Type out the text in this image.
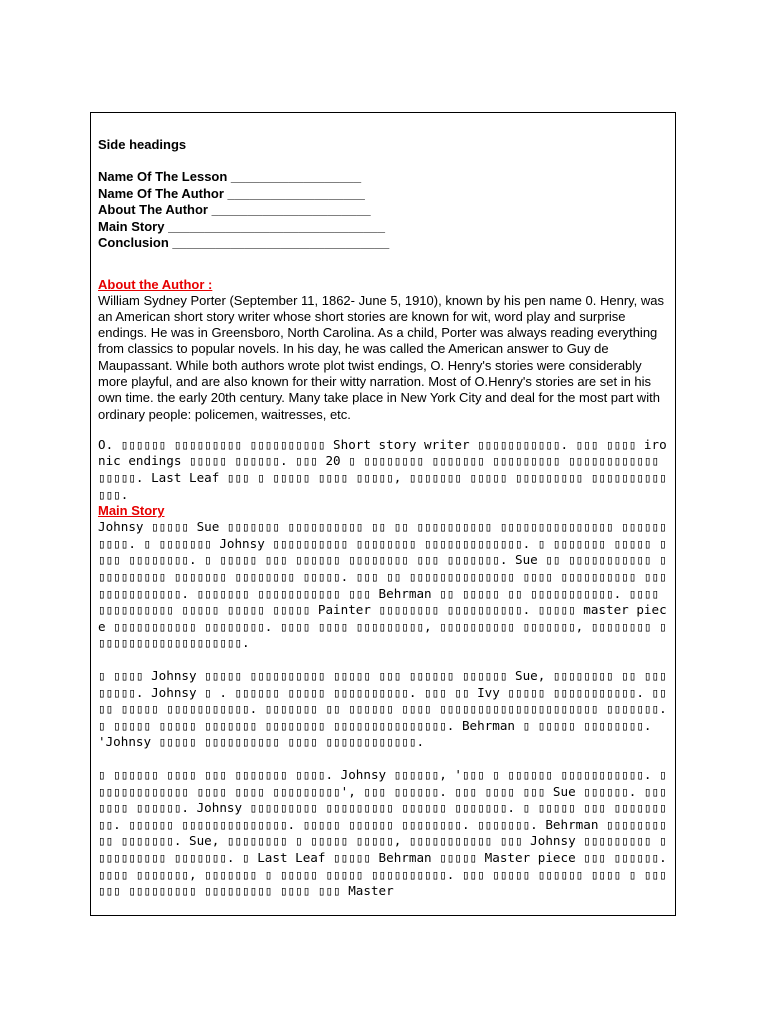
Side headings
Name Of The Lesson __________________
Name Of The Author ___________________
About The Author ______________________
Main Story ______________________________
Conclusion ______________________________
About the Author :

William Sydney Porter (September 11, 1862- June 5, 1910), known by his pen name 0. Henry, was an American short story writer whose short stories are known for wit, word play and surprise endings. He was in Greensboro, North Carolina. As a child, Porter was always reading everything from classics to popular novels. In his day, he was called the American answer to Guy de Maupassant. While both authors wrote plot twist endings, O. Henry's stories were considerably more playful, and are also known for their witty narration. Most of O.Henry's stories are set in his own time. the early 20th century. Many take place in New York City and deal for the most part with ordinary people: policemen, waitresses, etc.

O. ▯▯▯▯▯▯ ▯▯▯▯▯▯▯▯▯ ▯▯▯▯▯▯▯▯▯▯ Short story writer ▯▯▯▯▯▯▯▯▯▯▯. ▯▯▯ ▯▯▯▯ ironic endings ▯▯▯▯▯ ▯▯▯▯▯▯. ▯▯▯ 20 ▯ ▯▯▯▯▯▯▯▯ ▯▯▯▯▯▯▯ ▯▯▯▯▯▯▯▯▯ ▯▯▯▯▯▯▯▯▯▯▯▯ ▯▯▯▯▯. Last Leaf ▯▯▯ ▯ ▯▯▯▯▯ ▯▯▯▯ ▯▯▯▯▯, ▯▯▯▯▯▯▯ ▯▯▯▯▯ ▯▯▯▯▯▯▯▯▯ ▯▯▯▯▯▯▯▯▯▯▯▯▯.

Main Story

Johnsy ▯▯▯▯▯ Sue ▯▯▯▯▯▯▯ ▯▯▯▯▯▯▯▯▯▯ ▯▯ ▯▯ ▯▯▯▯▯▯▯▯▯▯ ▯▯▯▯▯▯▯▯▯▯▯▯▯▯▯ ▯▯▯▯▯▯▯▯▯▯. ▯ ▯▯▯▯▯▯▯ Johnsy ▯▯▯▯▯▯▯▯▯▯ ▯▯▯▯▯▯▯▯ ▯▯▯▯▯▯▯▯▯▯▯▯▯. ▯ ▯▯▯▯▯▯▯ ▯▯▯▯▯ ▯▯▯▯ ▯▯▯▯▯▯▯▯. ▯ ▯▯▯▯▯ ▯▯▯ ▯▯▯▯▯▯ ▯▯▯▯▯▯▯▯ ▯▯▯ ▯▯▯▯▯▯▯. Sue ▯▯ ▯▯▯▯▯▯▯▯▯▯▯ ▯▯▯▯▯▯▯▯▯▯ ▯▯▯▯▯▯▯ ▯▯▯▯▯▯▯▯ ▯▯▯▯▯. ▯▯▯ ▯▯ ▯▯▯▯▯▯▯▯▯▯▯▯▯▯ ▯▯▯▯ ▯▯▯▯▯▯▯▯▯▯ ▯▯▯▯▯▯▯▯▯▯▯▯▯▯. ▯▯▯▯▯▯▯ ▯▯▯▯▯▯▯▯▯▯▯ ▯▯▯ Behrman ▯▯ ▯▯▯▯▯ ▯▯ ▯▯▯▯▯▯▯▯▯▯▯. ▯▯▯▯ ▯▯▯▯▯▯▯▯▯▯ ▯▯▯▯▯ ▯▯▯▯▯ ▯▯▯▯▯ Painter ▯▯▯▯▯▯▯▯ ▯▯▯▯▯▯▯▯▯▯. ▯▯▯▯▯ master piece ▯▯▯▯▯▯▯▯▯▯▯ ▯▯▯▯▯▯▯▯. ▯▯▯▯ ▯▯▯▯ ▯▯▯▯▯▯▯▯▯, ▯▯▯▯▯▯▯▯▯▯ ▯▯▯▯▯▯▯, ▯▯▯▯▯▯▯▯ ▯▯▯▯▯▯▯▯▯▯▯▯▯▯▯▯▯▯▯▯.

▯ ▯▯▯▯ Johnsy ▯▯▯▯▯ ▯▯▯▯▯▯▯▯▯▯ ▯▯▯▯▯ ▯▯▯ ▯▯▯▯▯▯ ▯▯▯▯▯▯ Sue, ▯▯▯▯▯▯▯▯ ▯▯ ▯▯▯▯▯▯▯▯. Johnsy ▯ . ▯▯▯▯▯▯ ▯▯▯▯▯ ▯▯▯▯▯▯▯▯▯▯. ▯▯▯ ▯▯ Ivy ▯▯▯▯▯ ▯▯▯▯▯▯▯▯▯▯▯. ▯▯▯▯ ▯▯▯▯▯ ▯▯▯▯▯▯▯▯▯▯▯. ▯▯▯▯▯▯▯ ▯▯ ▯▯▯▯▯▯ ▯▯▯▯ ▯▯▯▯▯▯▯▯▯▯▯▯▯▯▯▯▯▯▯▯▯ ▯▯▯▯▯▯▯. ▯ ▯▯▯▯▯ ▯▯▯▯▯ ▯▯▯▯▯▯▯ ▯▯▯▯▯▯▯▯ ▯▯▯▯▯▯▯▯▯▯▯▯▯▯▯. Behrman ▯ ▯▯▯▯▯ ▯▯▯▯▯▯▯▯. 'Johnsy ▯▯▯▯▯ ▯▯▯▯▯▯▯▯▯▯ ▯▯▯▯ ▯▯▯▯▯▯▯▯▯▯▯▯.

▯ ▯▯▯▯▯▯ ▯▯▯▯ ▯▯▯ ▯▯▯▯▯▯▯ ▯▯▯▯. Johnsy ▯▯▯▯▯▯, '▯▯▯ ▯ ▯▯▯▯▯▯ ▯▯▯▯▯▯▯▯▯▯▯. ▯▯▯▯▯▯▯▯▯▯▯▯▯ ▯▯▯▯ ▯▯▯▯ ▯▯▯▯▯▯▯▯▯', ▯▯▯ ▯▯▯▯▯▯. ▯▯▯ ▯▯▯▯ ▯▯▯ Sue ▯▯▯▯▯▯. ▯▯▯▯▯▯▯ ▯▯▯▯▯▯. Johnsy ▯▯▯▯▯▯▯▯▯ ▯▯▯▯▯▯▯▯▯ ▯▯▯▯▯▯ ▯▯▯▯▯▯▯. ▯ ▯▯▯▯▯ ▯▯▯ ▯▯▯▯▯▯▯▯▯. ▯▯▯▯▯▯ ▯▯▯▯▯▯▯▯▯▯▯▯▯▯. ▯▯▯▯▯ ▯▯▯▯▯▯ ▯▯▯▯▯▯▯▯. ▯▯▯▯▯▯▯. Behrman ▯▯▯▯▯▯▯▯▯▯ ▯▯▯▯▯▯▯. Sue, ▯▯▯▯▯▯▯▯ ▯ ▯▯▯▯▯ ▯▯▯▯▯, ▯▯▯▯▯▯▯▯▯▯▯ ▯▯▯ Johnsy ▯▯▯▯▯▯▯▯▯ ▯▯▯▯▯▯▯▯▯▯ ▯▯▯▯▯▯▯. ▯ Last Leaf ▯▯▯▯▯ Behrman ▯▯▯▯▯ Master piece ▯▯▯ ▯▯▯▯▯▯. ▯▯▯▯ ▯▯▯▯▯▯▯, ▯▯▯▯▯▯▯ ▯ ▯▯▯▯▯ ▯▯▯▯▯ ▯▯▯▯▯▯▯▯▯▯. ▯▯▯ ▯▯▯▯▯ ▯▯▯▯▯▯ ▯▯▯▯ ▯ ▯▯▯ ▯▯▯ ▯▯▯▯▯▯▯▯▯ ▯▯▯▯▯▯▯▯▯ ▯▯▯▯ ▯▯▯ Master
